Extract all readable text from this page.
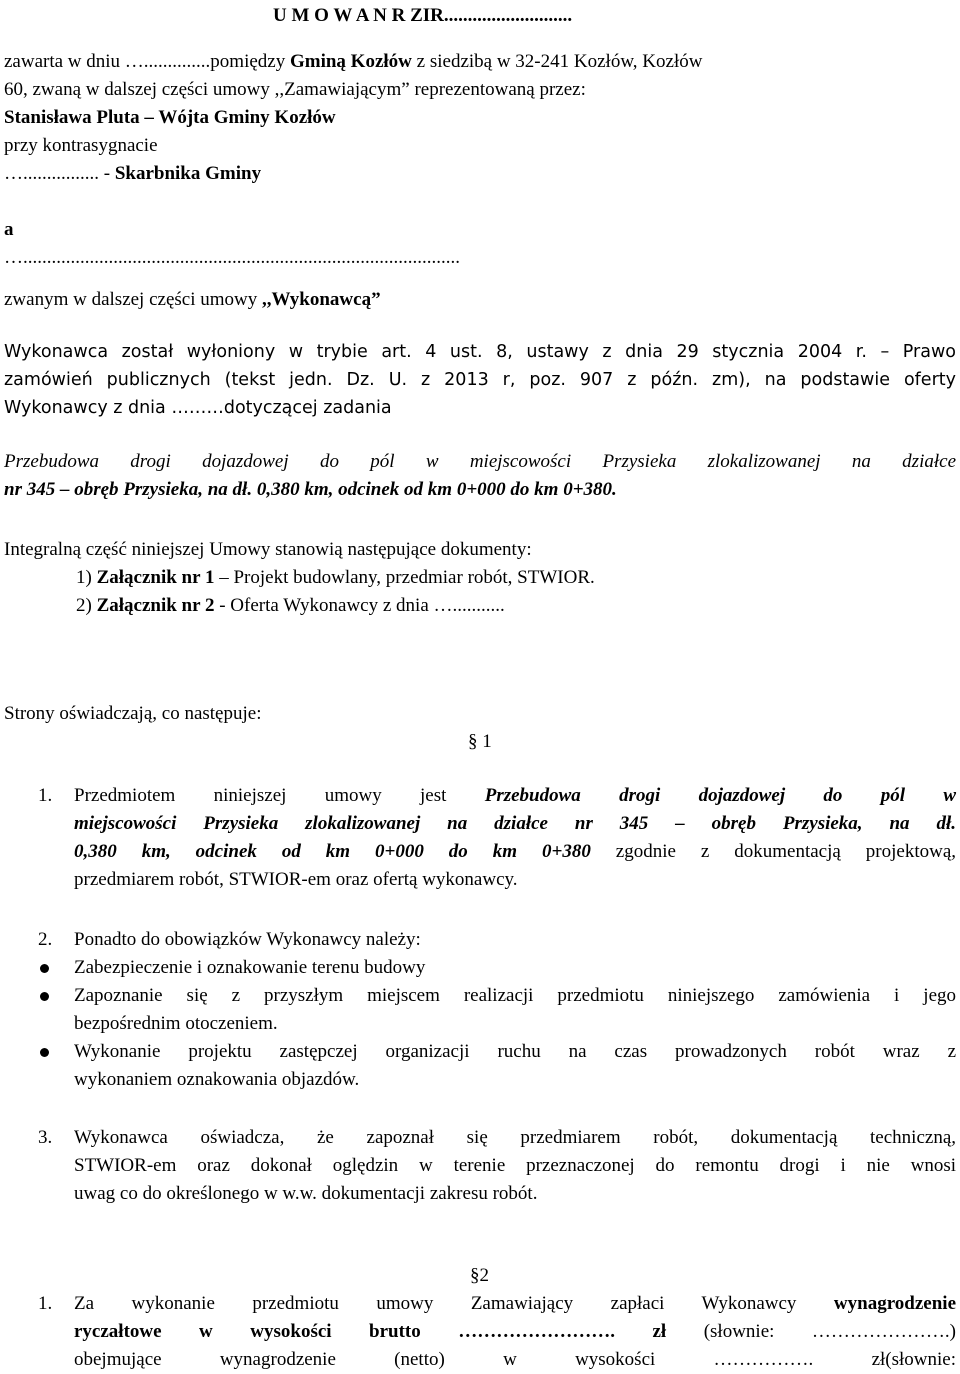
U M O W A N R ZIR...........................
zawarta w dniu …..............pomiędzy Gminą Kozłów z siedzibą w 32-241 Kozłów, Kozłów
60, zwaną w dalszej części umowy ,,Zamawiającym” reprezentowaną przez:
Stanisława Pluta – Wójta Gminy Kozłów
przy kontrasygnacie
…................ - Skarbnika Gminy
a
…............................................................................................
zwanym w dalszej części umowy ,,Wykonawcą”
Wykonawca został wyłoniony w trybie art. 4 ust. 8, ustawy z dnia 29 stycznia 2004 r. – Prawo
zamówień publicznych (tekst jedn. Dz. U. z 2013 r, poz. 907 z późn. zm), na podstawie oferty
Wykonawcy z dnia ………dotyczącej zadania
Przebudowa drogi dojazdowej do pól w miejscowości Przysieka zlokalizowanej na działce
nr 345 – obręb Przysieka, na dł. 0,380 km, odcinek od km 0+000 do km 0+380.
Integralną część niniejszej Umowy stanowią następujące dokumenty:
1) Załącznik nr 1 – Projekt budowlany, przedmiar robót, STWIOR.
2) Załącznik nr 2 - Oferta Wykonawcy z dnia …...........
Strony oświadczają, co następuje:
§ 1
1. Przedmiotem niniejszej umowy jest Przebudowa drogi dojazdowej do pól w
miejscowości Przysieka zlokalizowanej na działce nr 345 – obręb Przysieka, na dł.
0,380 km, odcinek od km 0+000 do km 0+380 zgodnie z dokumentacją projektową,
przedmiarem robót, STWIOR-em oraz ofertą wykonawcy.
2. Ponadto do obowiązków Wykonawcy należy:
Zabezpieczenie i oznakowanie terenu budowy
Zapoznanie się z przyszłym miejscem realizacji przedmiotu niniejszego zamówienia i jego
bezpośrednim otoczeniem.
Wykonanie projektu zastępczej organizacji ruchu na czas prowadzonych robót wraz z
wykonaniem oznakowania objazdów.
3. Wykonawca oświadcza, że zapoznał się przedmiarem robót, dokumentacją techniczną,
STWIOR-em oraz dokonał oględzin w terenie przeznaczonej do remontu drogi i nie wnosi
uwag co do określonego w w.w. dokumentacji zakresu robót.
§2
1. Za wykonanie przedmiotu umowy Zamawiający zapłaci Wykonawcy wynagrodzenie
ryczałtowe w wysokości brutto ……………………. zł (słownie: ………………….)
obejmujące wynagrodzenie (netto) w wysokości ……………. zł(słownie:
